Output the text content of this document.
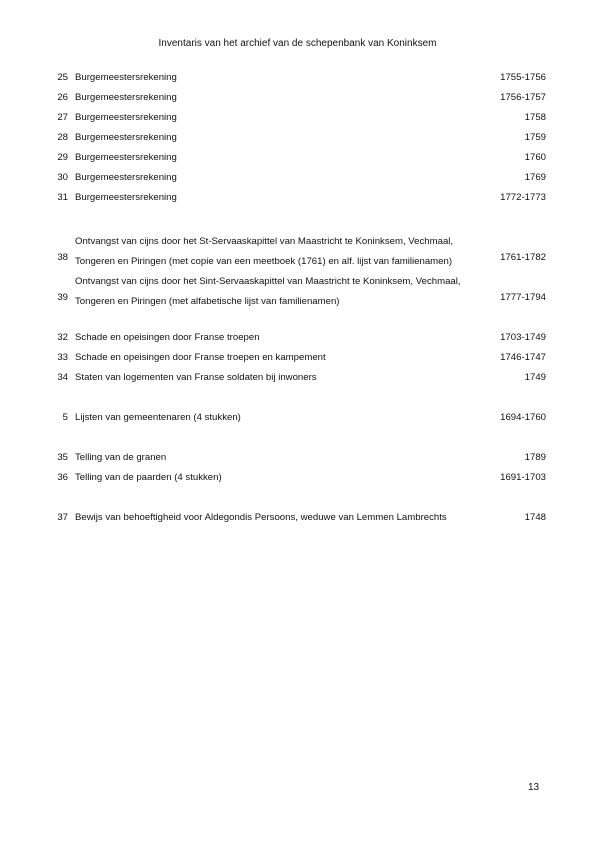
Inventaris van het archief van de schepenbank van Koninksem
25 Burgemeestersrekening	1755-1756
26 Burgemeestersrekening	1756-1757
27 Burgemeestersrekening	1758
28 Burgemeestersrekening	1759
29 Burgemeestersrekening	1760
30 Burgemeestersrekening	1769
31 Burgemeestersrekening	1772-1773
38
Ontvangst van cijns door het St-Servaaskapittel van Maastricht te Koninksem, Vechmaal,
Tongeren en Piringen (met copie van een meetboek (1761) en alf. lijst van familienamen)	1761-1782
39
Ontvangst van cijns door het Sint-Servaaskapittel van Maastricht te Koninksem, Vechmaal,
Tongeren en Piringen (met alfabetische lijst van familienamen)	1777-1794
32 Schade en opeisingen door Franse troepen	1703-1749
33 Schade en opeisingen door Franse troepen en kampement	1746-1747
34 Staten van logementen van Franse soldaten bij inwoners	1749
5 Lijsten van gemeentenaren (4 stukken)	1694-1760
35 Telling van de granen	1789
36 Telling van de paarden (4 stukken)	1691-1703
37 Bewijs van behoeftigheid voor Aldegondis Persoons, weduwe van Lemmen Lambrechts	1748
13
